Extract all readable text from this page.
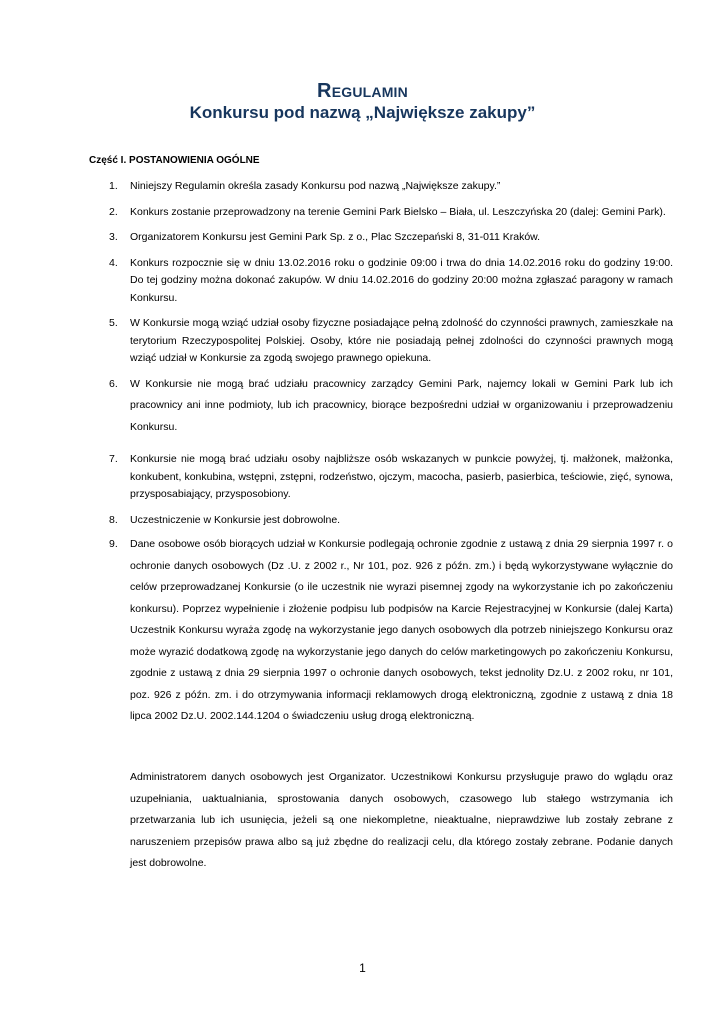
Regulamin
Konkursu pod nazwą „Największe zakupy”
Część I. POSTANOWIENIA OGÓLNE
1. Niniejszy Regulamin określa zasady Konkursu pod nazwą „Największe zakupy.”
2. Konkurs zostanie przeprowadzony na terenie Gemini Park Bielsko – Biała, ul. Leszczyńska 20 (dalej: Gemini Park).
3. Organizatorem Konkursu jest Gemini Park Sp. z o., Plac Szczepański 8, 31-011 Kraków.
4. Konkurs rozpocznie się w dniu 13.02.2016 roku o godzinie 09:00 i trwa do dnia 14.02.2016 roku do godziny 19:00. Do tej godziny można dokonać zakupów. W dniu 14.02.2016 do godziny 20:00 można zgłaszać paragony w ramach Konkursu.
5. W Konkursie mogą wziąć udział osoby fizyczne posiadające pełną zdolność do czynności prawnych, zamieszkałe na terytorium Rzeczypospolitej Polskiej. Osoby, które nie posiadają pełnej zdolności do czynności prawnych mogą wziąć udział w Konkursie za zgodą swojego prawnego opiekuna.
6. W Konkursie nie mogą brać udziału pracownicy zarządcy Gemini Park, najemcy lokali w Gemini Park lub ich pracownicy ani inne podmioty, lub ich pracownicy, biorące bezpośredni udział w organizowaniu i przeprowadzeniu Konkursu.
7. Konkursie nie mogą brać udziału osoby najbliższe osób wskazanych w punkcie powyżej, tj. małżonek, małżonka, konkubent, konkubina, wstępni, zstępni, rodzeństwo, ojczym, macocha, pasierb, pasierbica, teściowie, zięć, synowa, przysposabiający, przysposobiony.
8. Uczestniczenie w Konkursie jest dobrowolne.
9. Dane osobowe osób biorących udział w Konkursie podlegają ochronie zgodnie z ustawą z dnia 29 sierpnia 1997 r. o ochronie danych osobowych (Dz .U. z 2002 r., Nr 101, poz. 926 z późn. zm.) i będą wykorzystywane wyłącznie do celów przeprowadzanej Konkursie (o ile uczestnik nie wyrazi pisemnej zgody na wykorzystanie ich po zakończeniu konkursu). Poprzez wypełnienie i złożenie podpisu lub podpisów na Karcie Rejestracyjnej w Konkursie (dalej Karta) Uczestnik Konkursu wyraża zgodę na wykorzystanie jego danych osobowych dla potrzeb niniejszego Konkursu oraz może wyrazić dodatkową zgodę na wykorzystanie jego danych do celów marketingowych po zakończeniu Konkursu, zgodnie z ustawą z dnia 29 sierpnia 1997 o ochronie danych osobowych, tekst jednolity Dz.U. z 2002 roku, nr 101, poz. 926 z późn. zm. i do otrzymywania informacji reklamowych drogą elektroniczną, zgodnie z ustawą z dnia 18 lipca 2002 Dz.U. 2002.144.1204 o świadczeniu usług drogą elektroniczną.
Administratorem danych osobowych jest Organizator. Uczestnikowi Konkursu przysługuje prawo do wglądu oraz uzupełniania, uaktualniania, sprostowania danych osobowych, czasowego lub stałego wstrzymania ich przetwarzania lub ich usunięcia, jeżeli są one niekompletne, nieaktualne, nieprawdziwe lub zostały zebrane z naruszeniem przepisów prawa albo są już zbędne do realizacji celu, dla którego zostały zebrane. Podanie danych jest dobrowolne.
1
